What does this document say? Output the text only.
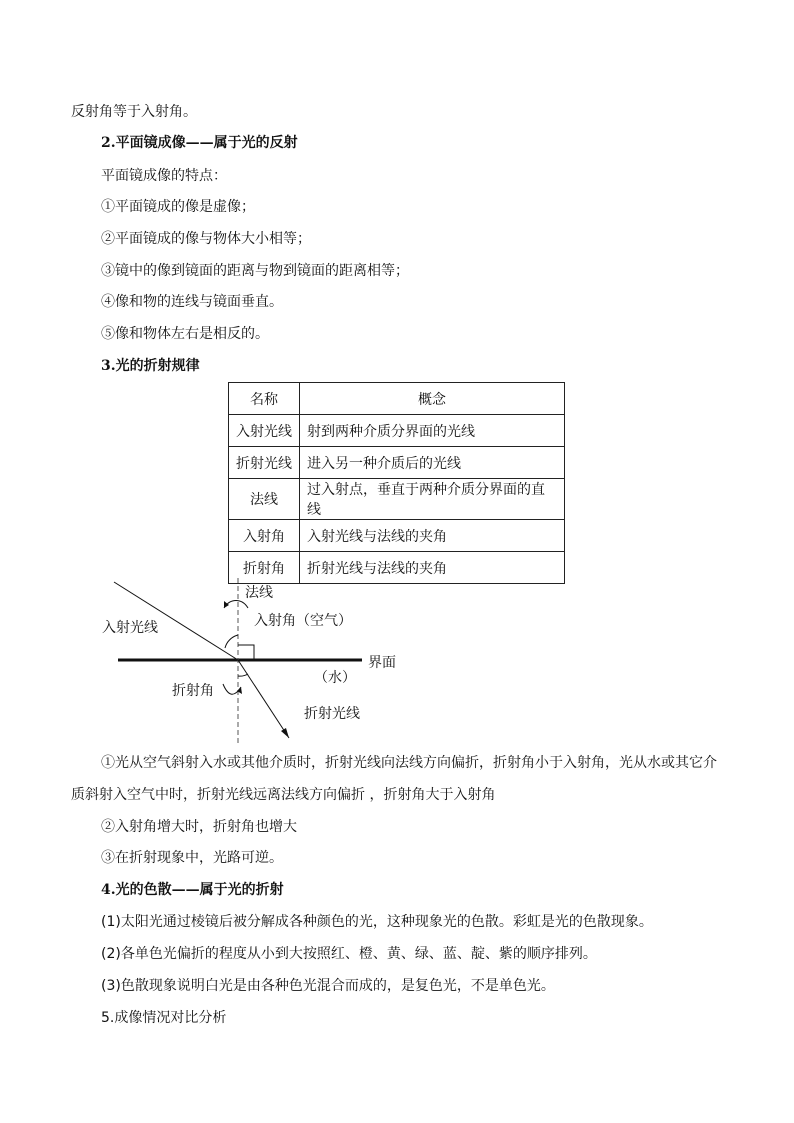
反射角等于入射角。
2.平面镜成像——属于光的反射
平面镜成像的特点：
①平面镜成的像是虚像；
②平面镜成的像与物体大小相等；
③镜中的像到镜面的距离与物到镜面的距离相等；
④像和物的连线与镜面垂直。
⑤像和物体左右是相反的。
3.光的折射规律
名称	概念
入射光线	射到两种介质分界面的光线
折射光线	进入另一种介质后的光线
法线	过入射点，垂直于两种介质分界面的直线
入射角	入射光线与法线的夹角
折射角	折射光线与法线的夹角
法线
入射光线	入射角（空气）
界面
（水）
折射角
折射光线
①光从空气斜射入水或其他介质时，折射光线向法线方向偏折，折射角小于入射角，光从水或其它介
质斜射入空气中时，折射光线远离法线方向偏折 ，折射角大于入射角
②入射角增大时，折射角也增大
③在折射现象中，光路可逆。
4.光的色散——属于光的折射
(1)太阳光通过棱镜后被分解成各种颜色的光，这种现象光的色散。彩虹是光的色散现象。
(2)各单色光偏折的程度从小到大按照红、橙、黄、绿、蓝、靛、紫的顺序排列。
(3)色散现象说明白光是由各种色光混合而成的，是复色光，不是单色光。
5.成像情况对比分析
